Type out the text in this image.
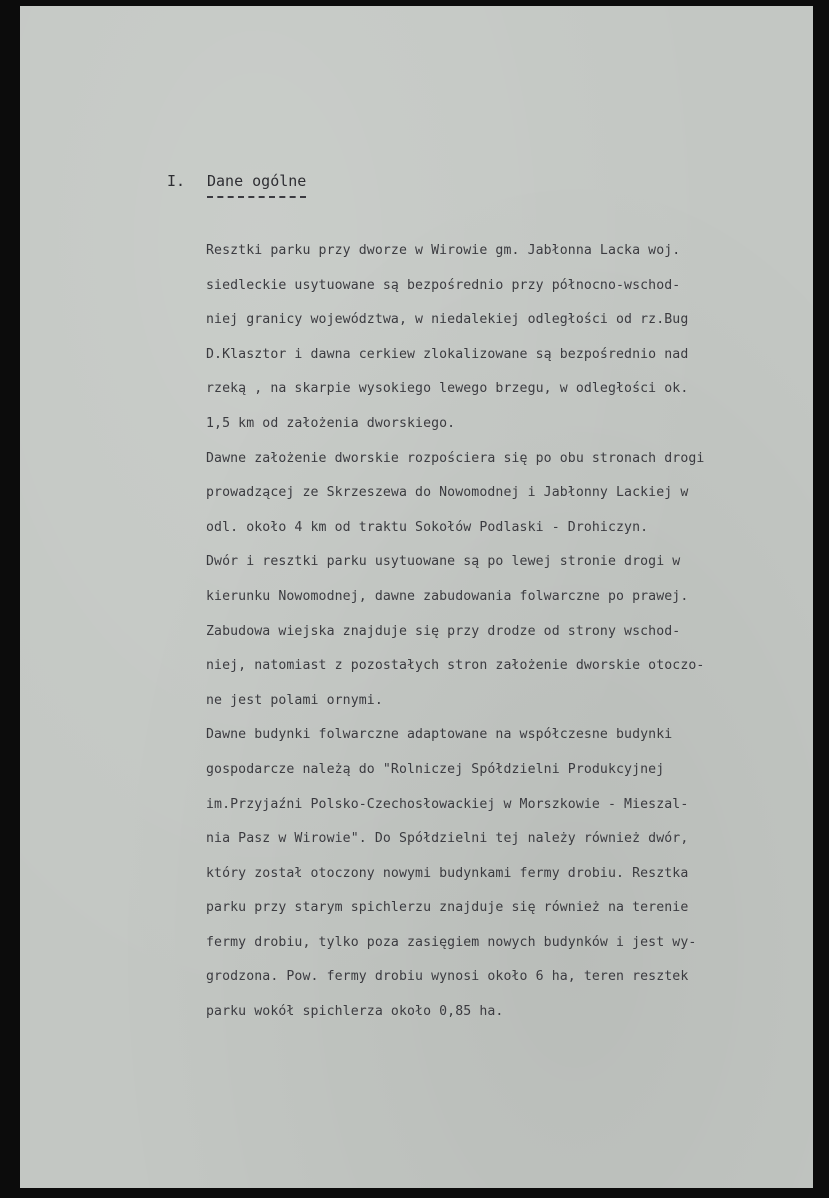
I. Dane ogólne
Resztki parku przy dworze w Wirowie gm. Jabłonna Lacka woj.
siedleckie usytuowane są bezpośrednio przy północno-wschod-
niej granicy województwa, w niedalekiej odległości od rz.Bug
D.Klasztor i dawna cerkiew zlokalizowane są bezpośrednio nad
rzeką , na skarpie wysokiego lewego brzegu, w odległości ok.
1,5 km od założenia dworskiego.
Dawne założenie dworskie rozpościera się po obu stronach drogi
prowadzącej ze Skrzeszewa do Nowomodnej i Jabłonny Lackiej w
odl. około 4 km od traktu Sokołów Podlaski - Drohiczyn.
Dwór i resztki parku usytuowane są po lewej stronie drogi w
kierunku Nowomodnej, dawne zabudowania folwarczne po prawej.
Zabudowa wiejska znajduje się przy drodze od strony wschod-
niej, natomiast z pozostałych stron założenie dworskie otoczo-
ne jest polami ornymi.
Dawne budynki folwarczne adaptowane na współczesne budynki
gospodarcze należą do "Rolniczej Spółdzielni Produkcyjnej
im.Przyjaźni Polsko-Czechosłowackiej w Morszkowie - Mieszal-
nia Pasz w Wirowie". Do Spółdzielni tej należy również dwór,
który został otoczony nowymi budynkami fermy drobiu. Resztka
parku przy starym spichlerzu znajduje się również na terenie
fermy drobiu, tylko poza zasięgiem nowych budynków i jest wy-
grodzona. Pow. fermy drobiu wynosi około 6 ha, teren resztek
parku wokół spichlerza około 0,85 ha.
